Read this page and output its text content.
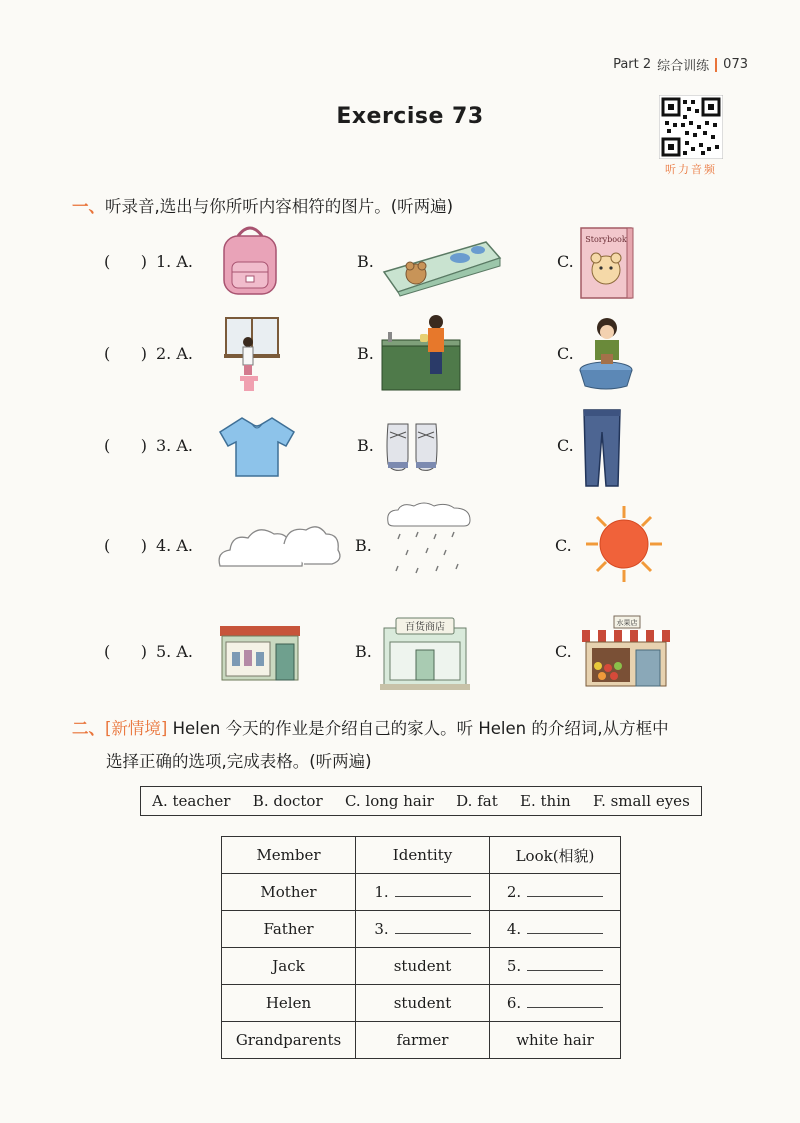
Part 2 综合训练 073
Exercise 73
听力音频
一、听录音,选出与你所听内容相符的图片。(听两遍)
(      ) 1. A.	B.	C.
Storybook
(      ) 2. A.	B.	C.
(      ) 3. A.	B.	C.
(      ) 4. A.	B.	C.
(      ) 5. A.	B.
百货商店
C.
水果店
二、[新情境] Helen 今天的作业是介绍自己的家人。听 Helen 的介绍词,从方框中
选择正确的选项,完成表格。(听两遍)
A. teacher B. doctor C. long hair D. fat E. thin F. small eyes
Member	Identity	Look(相貌)
Mother	1.	2.
Father	3.	4.
Jack	student	5.
Helen	student	6.
Grandparents	farmer	white hair
